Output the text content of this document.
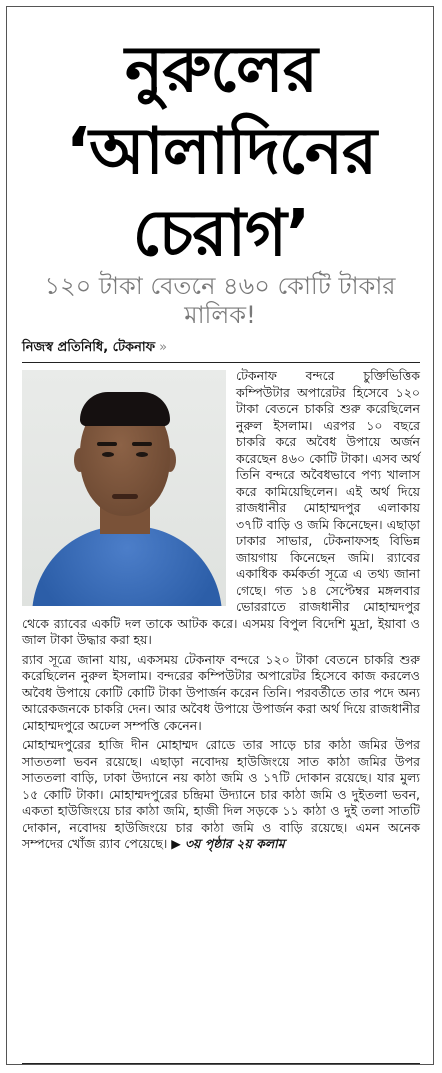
নুরুলের
‘আলাদিনের
চেরাগ’
১২০ টাকা বেতনে ৪৬০ কোটি টাকার মালিক!
নিজস্ব প্রতিনিধি, টেকনাফ »

টেকনাফ বন্দরে চুক্তিভিত্তিক কম্পিউটার অপারেটর হিসেবে ১২০ টাকা বেতনে চাকরি শুরু করেছিলেন নুরুল ইসলাম। এরপর ১০ বছরে চাকরি করে অবৈধ উপায়ে অর্জন করেছেন ৪৬০ কোটি টাকা। এসব অর্থ তিনি বন্দরে অবৈধভাবে পণ্য খালাস করে কামিয়েছিলেন। এই অর্থ দিয়ে রাজধানীর মোহাম্মদপুর এলাকায় ৩৭টি বাড়ি ও জমি কিনেছেন। এছাড়া ঢাকার সাভার, টেকনাফসহ বিভিন্ন জায়গায় কিনেছেন জমি। র‍্যাবের একাধিক কর্মকর্তা সূত্রে এ তথ্য জানা গেছে। গত ১৪ সেপ্টেম্বর মঙ্গলবার ভোররাতে রাজধানীর মোহাম্মদপুর থেকে র‍্যাবের একটি দল তাকে আটক করে। এসময় বিপুল বিদেশি মুদ্রা, ইয়াবা ও জাল টাকা উদ্ধার করা হয়।

র‍্যাব সূত্রে জানা যায়, একসময় টেকনাফ বন্দরে ১২০ টাকা বেতনে চাকরি শুরু করেছিলেন নুরুল ইসলাম। বন্দরের কম্পিউটার অপারেটর হিসেবে কাজ করলেও অবৈধ উপায়ে কোটি কোটি টাকা উপার্জন করেন তিনি। পরবর্তীতে তার পদে অন্য আরেকজনকে চাকরি দেন। আর অবৈধ উপায়ে উপার্জন করা অর্থ দিয়ে রাজধানীর মোহাম্মদপুরে অঢেল সম্পত্তি কেনেন।

মোহাম্মদপুরের হাজি দীন মোহাম্মদ রোডে তার সাড়ে চার কাঠা জমির উপর সাততলা ভবন রয়েছে। এছাড়া নবোদয় হাউজিংয়ে সাত কাঠা জমির উপর সাততলা বাড়ি, ঢাকা উদ্যানে নয় কাঠা জমি ও ১৭টি দোকান রয়েছে। যার মুল্য ১৫ কোটি টাকা। মোহাম্মদপুরের চন্দ্রিমা উদ্যানে চার কাঠা জমি ও দুইতলা ভবন, একতা হাউজিংয়ে চার কাঠা জমি, হাজী দিল সড়কে ১১ কাঠা ও দুই তলা সাতটি দোকান, নবোদয় হাউজিংয়ে চার কাঠা জমি ও বাড়ি রয়েছে। এমন অনেক সম্পদের খোঁজ র‍্যাব পেয়েছে। ▶ ৩য় পৃষ্ঠার ২য় কলাম
